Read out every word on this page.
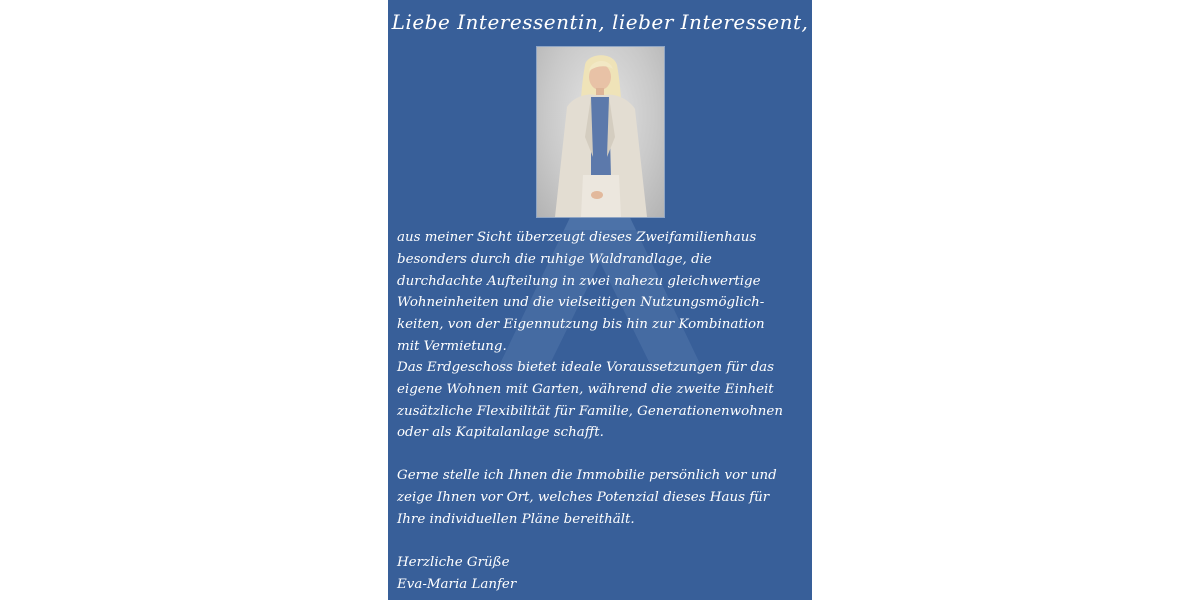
Liebe Interessentin, lieber Interessent,

aus meiner Sicht überzeugt dieses Zweifamilienhaus
besonders durch die ruhige Waldrandlage, die
durchdachte Aufteilung in zwei nahezu gleichwertige
Wohneinheiten und die vielseitigen Nutzungsmöglich-
keiten, von der Eigennutzung bis hin zur Kombination
mit Vermietung.

Das Erdgeschoss bietet ideale Voraussetzungen für das
eigene Wohnen mit Garten, während die zweite Einheit
zusätzliche Flexibilität für Familie, Generationenwohnen
oder als Kapitalanlage schafft.

Gerne stelle ich Ihnen die Immobilie persönlich vor und
zeige Ihnen vor Ort, welches Potenzial dieses Haus für
Ihre individuellen Pläne bereithält.

Herzliche Grüße
Eva-Maria Lanfer
